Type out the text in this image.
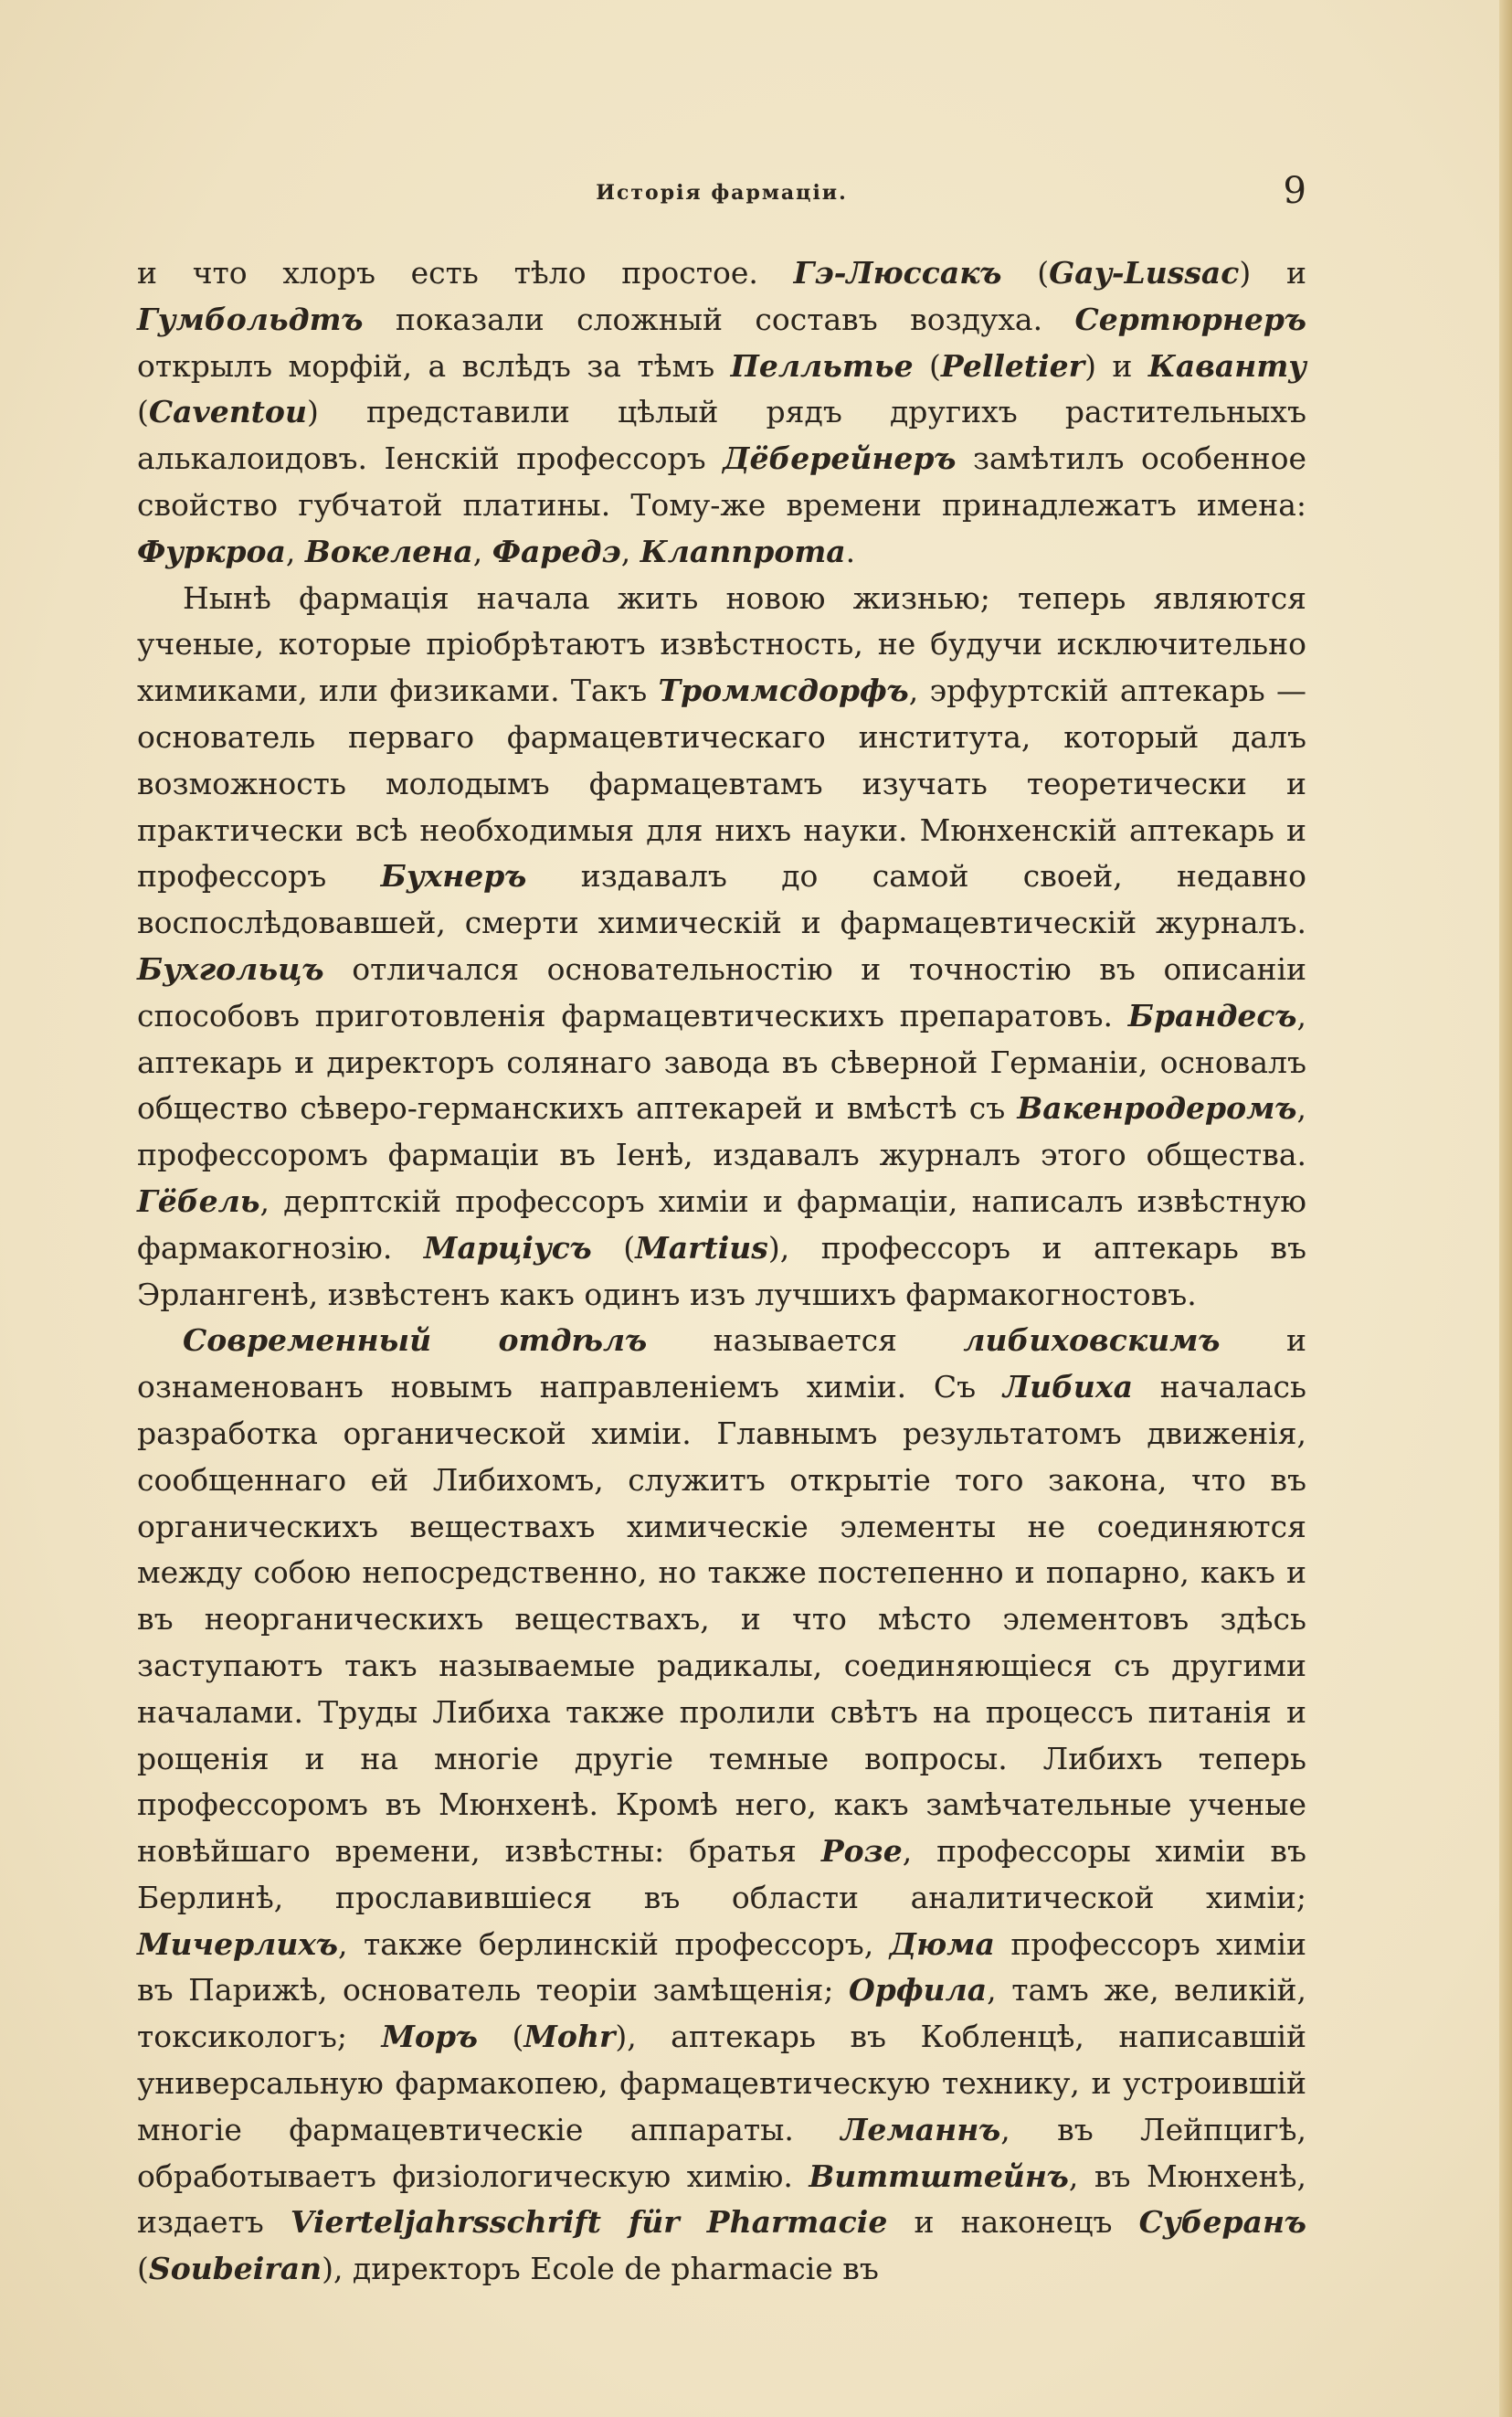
Исторія фармаціи.	9

и что хлоръ есть тѣло простое. Гэ-Люссакъ (Gay-Lussac) и Гумбольдтъ показали сложный составъ воздуха. Сертюрнеръ открылъ морфій, а вслѣдъ за тѣмъ Пелльтье (Pelletier) и Каванту (Caventou) представили цѣлый рядъ другихъ растительныхъ алькалоидовъ. Іенскій профессоръ Дёберейнеръ замѣтилъ особенное свойство губчатой платины. Тому-же времени принадлежатъ имена: Фуркроа, Вокелена, Фаредэ, Клаппрота.

Нынѣ фармація начала жить новою жизнью; теперь являются ученые, которые пріобрѣтаютъ извѣстность, не будучи исключительно химиками, или физиками. Такъ Троммсдорфъ, эрфуртскій аптекарь — основатель перваго фармацевтическаго института, который далъ возможность молодымъ фармацевтамъ изучать теоретически и практически всѣ необходимыя для нихъ науки. Мюнхенскій аптекарь и профессоръ Бухнеръ издавалъ до самой своей, недавно воспослѣдовавшей, смерти химическій и фармацевтическій журналъ. Бухгольцъ отличался основательностію и точностію въ описаніи способовъ приготовленія фармацевтическихъ препаратовъ. Брандесъ, аптекарь и директоръ солянаго завода въ сѣверной Германіи, основалъ общество сѣверо-германскихъ аптекарей и вмѣстѣ съ Вакенродеромъ, профессоромъ фармаціи въ Іенѣ, издавалъ журналъ этого общества. Гёбель, дерптскій профессоръ химіи и фармаціи, написалъ извѣстную фармакогнозію. Марціусъ (Martius), профессоръ и аптекарь въ Эрлангенѣ, извѣстенъ какъ одинъ изъ лучшихъ фармакогностовъ.

Современный отдѣлъ называется либиховскимъ и ознаменованъ новымъ направленіемъ химіи. Съ Либиха началась разработка органической химіи. Главнымъ результатомъ движенія, сообщеннаго ей Либихомъ, служитъ открытіе того закона, что въ органическихъ веществахъ химическіе элементы не соединяются между собою непосредственно, но также постепенно и попарно, какъ и въ неорганическихъ веществахъ, и что мѣсто элементовъ здѣсь заступаютъ такъ называемые радикалы, соединяющіеся съ другими началами. Труды Либиха также пролили свѣтъ на процессъ питанія и рощенія и на многіе другіе темные вопросы. Либихъ теперь профессоромъ въ Мюнхенѣ. Кромѣ него, какъ замѣчательные ученые новѣйшаго времени, извѣстны: братья Розе, профессоры химіи въ Берлинѣ, прославившіеся въ области аналитической химіи; Мичерлихъ, также берлинскій профессоръ, Дюма профессоръ химіи въ Парижѣ, основатель теоріи замѣщенія; Орфила, тамъ же, великій, токсикологъ; Моръ (Mohr), аптекарь въ Кобленцѣ, написавшій универсальную фармакопею, фармацевтическую технику, и устроившій многіе фармацевтическіе аппараты. Леманнъ, въ Лейпцигѣ, обработываетъ физіологическую химію. Виттштейнъ, въ Мюнхенѣ, издаетъ Vierteljahrsschrift für Pharmacie и наконецъ Суберанъ (Soubeiran), директоръ Ecole de pharmacie въ
